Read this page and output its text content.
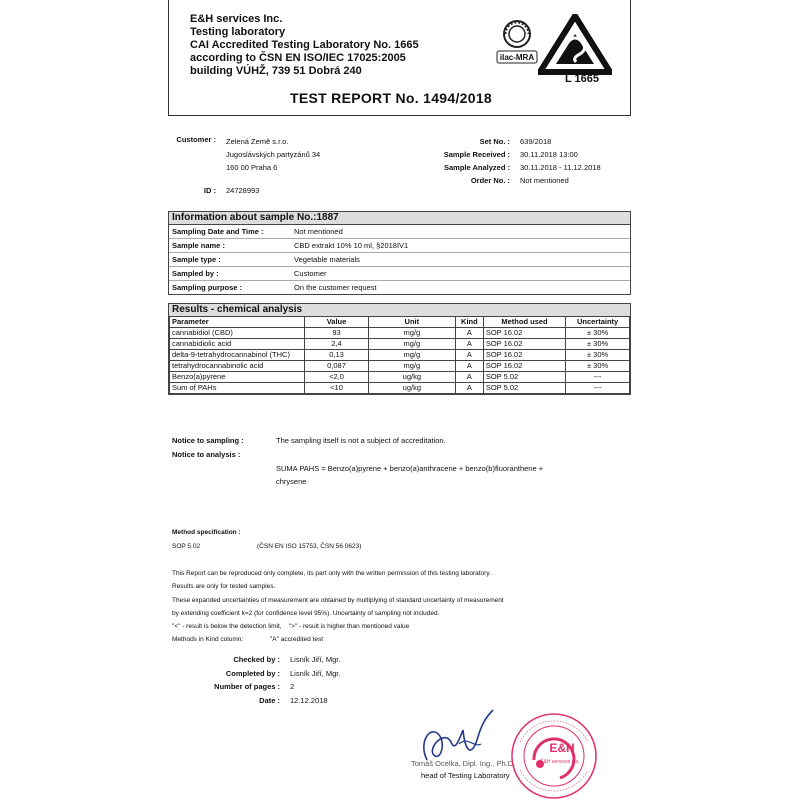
E&H services Inc.
Testing laboratory
CAI Accredited Testing Laboratory No. 1665
according to ČSN EN ISO/IEC 17025:2005
building VÚHŽ, 739 51 Dobrá 240
TEST REPORT No. 1494/2018
ilac-MRA
L 1665
Customer : Zelená Země s.r.o.
Jugoslávských partyzánů 34
160 00 Praha 6
ID : 24728993
Set No. : 639/2018
Sample Received : 30.11.2018 13:00
Sample Analyzed : 30.11.2018 - 11.12.2018
Order No. : Not mentioned
Information about sample No.:1887
Sampling Date and Time :	Not mentioned
Sample name :	CBD extrakt 10% 10 ml, §2018IV1
Sample type :	Vegetable materials
Sampled by :	Customer
Sampling purpose :	On the customer request
Results - chemical analysis
Parameter	Value	Unit	Kind	Method used	Uncertainty
cannabidiol (CBD)	93	mg/g	A	SOP 16.02	± 30%
cannabidiolic acid	2,4	mg/g	A	SOP 16.02	± 30%
delta-9-tetrahydrocannabinol (THC)	0,13	mg/g	A	SOP 16.02	± 30%
tetrahydrocannabinolic acid	0,087	mg/g	A	SOP 16.02	± 30%
Benzo(a)pyrene	<2,0	ug/kg	A	SOP 5.02	---
Sum of PAHs	<10	ug/kg	A	SOP 5.02	---
Notice to sampling :	The sampling itself is not a subject of accreditation.
Notice to analysis :
SUMA PAHS = Benzo(a)pyrene + benzo(a)anthracene + benzo(b)fluoranthene +
chrysene
Method specification :
SOP 5.02	(ČSN EN ISO 15753, ČSN 56 0623)
This Report can be reproduced only complete, its part only with the written permission of this testing laboratory.
Results are only for tested samples.
These expanded uncertainties of measurement are obtained by multiplying of standard uncertainty of measurement
by extending coefficient k=2 (for confidence level 95%). Uncertainty of sampling not included.
"<" - result is below the detection limit,    ">" - result is higher than mentioned value
Methods in Kind column:	"A" accredited test
Checked by : Lisník Jiří, Mgr.
Completed by : Lisník Jiří, Mgr.
Number of pages : 2
Date : 12.12.2018
Tomáš Ocelka, Dipl. Ing., Ph.D.
head of Testing Laboratory
E&H
E&H services a.s.
